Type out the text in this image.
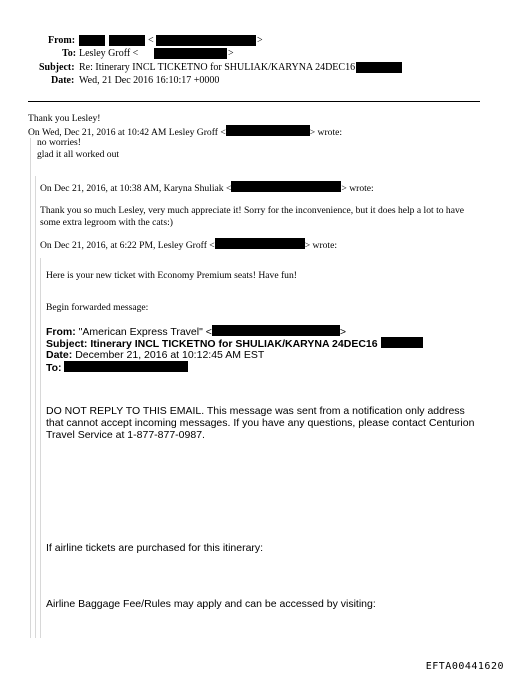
From:	<	>
To: Lesley Groff <	>
Subject: Re: Itinerary INCL TICKETNO for SHULIAK/KARYNA 24DEC16
Date: Wed, 21 Dec 2016 16:10:17 +0000
Thank you Lesley!
On Wed, Dec 21, 2016 at 10:42 AM Lesley Groff <	> wrote:
no worries!
glad it all worked out
On Dec 21, 2016, at 10:38 AM, Karyna Shuliak <	> wrote:
Thank you so much Lesley, very much appreciate it! Sorry for the inconvenience, but it does help a lot to have some extra legroom with the cats:)
On Dec 21, 2016, at 6:22 PM, Lesley Groff <	> wrote:
Here is your new ticket with Economy Premium seats! Have fun!
Begin forwarded message:
From: "American Express Travel" <	>
Subject: Itinerary INCL TICKETNO for SHULIAK/KARYNA 24DEC16
Date: December 21, 2016 at 10:12:45 AM EST
To:
DO NOT REPLY TO THIS EMAIL. This message was sent from a notification only address that cannot accept incoming messages. If you have any questions, please contact Centurion Travel Service at 1-877-877-0987.
If airline tickets are purchased for this itinerary:
Airline Baggage Fee/Rules may apply and can be accessed by visiting:
EFTA00441620
